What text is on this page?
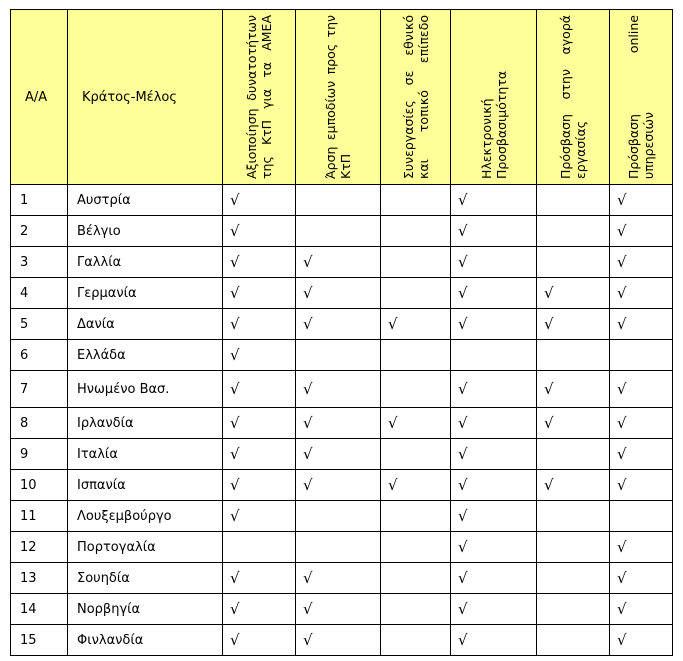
Α/Α	Κράτος-Μέλος	Αξιοποίηση δυνατοτήτων της ΚτΠ για τα ΑΜΕΑ	Άρση εμποδίων προς την ΚτΠ	Συνεργασίες σε εθνικό και τοπικό επίπεδο	Ηλεκτρονική Προσβασιμότητα	Πρόσβαση στην αγορά εργασίας	Πρόσβαση online υπηρεσιών

1	Αυστρία	√			√		√
2	Βέλγιο	√			√		√
3	Γαλλία	√	√		√		√
4	Γερμανία	√	√		√	√	√
5	Δανία	√	√	√	√	√	√
6	Ελλάδα	√					
7	Ηνωμένο Βασ.	√	√		√	√	√
8	Ιρλανδία	√	√	√	√	√	√
9	Ιταλία	√	√		√		√
10	Ισπανία	√	√	√	√	√	√
11	Λουξεμβούργο	√			√		
12	Πορτογαλία				√		√
13	Σουηδία	√	√		√		√
14	Νορβηγία	√	√		√		√
15	Φινλανδία	√	√		√		√
